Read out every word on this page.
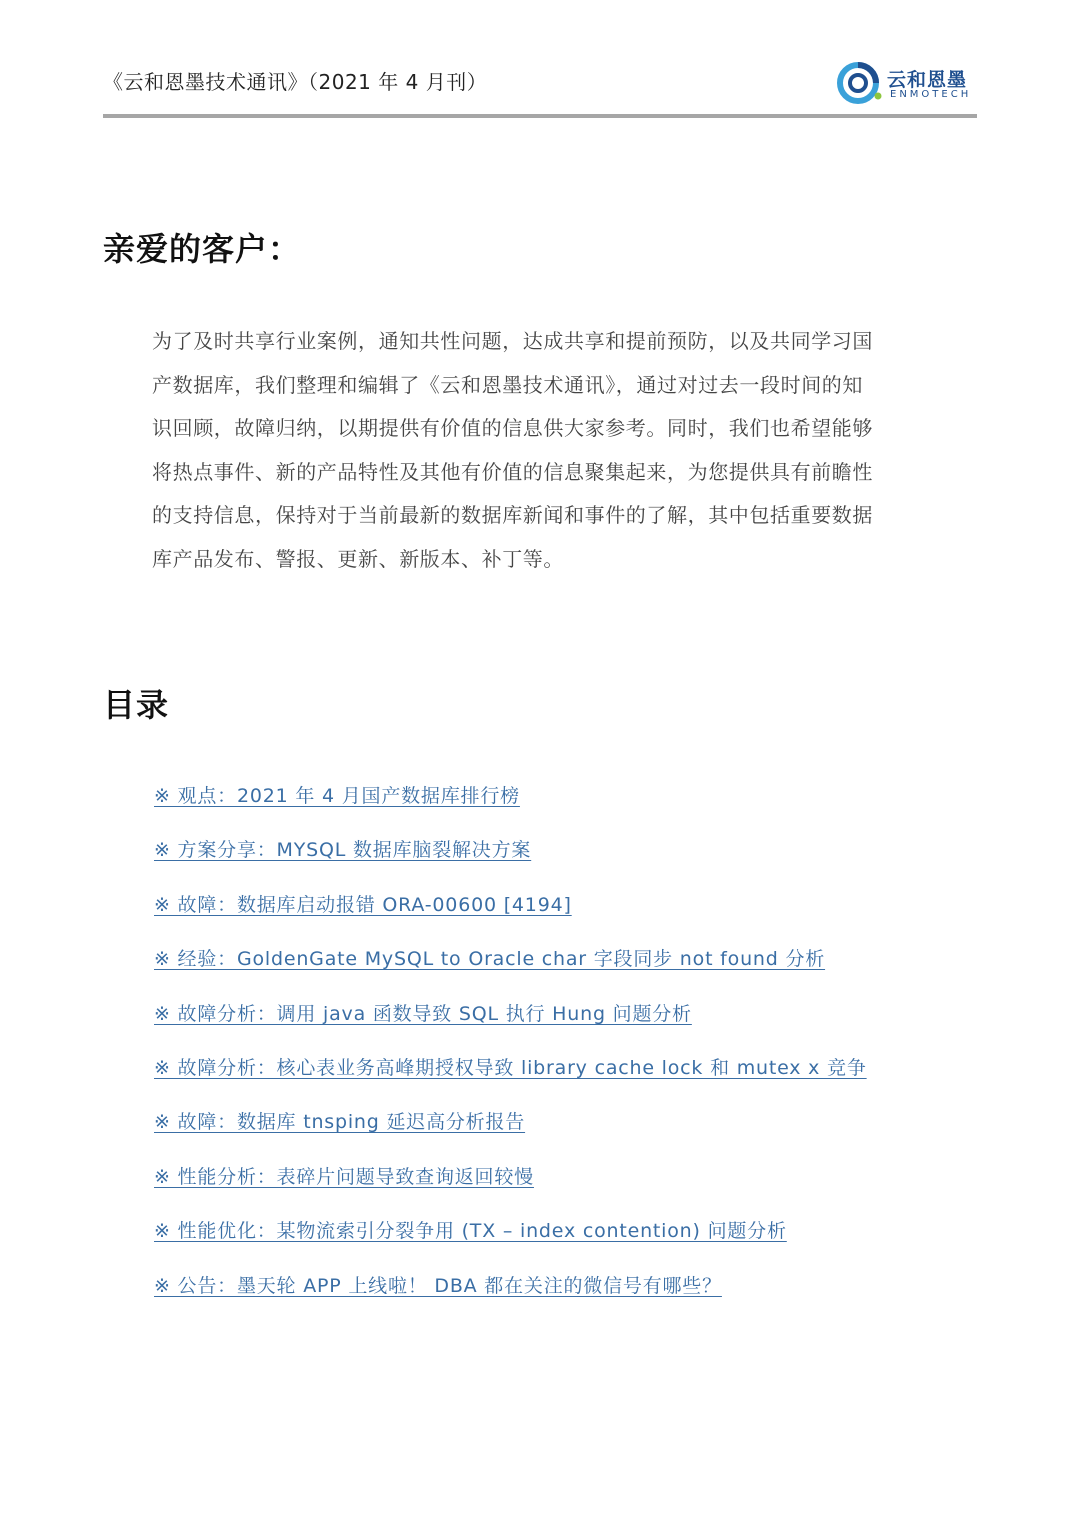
《云和恩墨技术通讯》（2021 年 4 月刊）	云和恩墨
ENMOTECH
亲爱的客户：
为了及时共享行业案例，通知共性问题，达成共享和提前预防，以及共同学习国
产数据库，我们整理和编辑了《云和恩墨技术通讯》，通过对过去一段时间的知
识回顾，故障归纳，以期提供有价值的信息供大家参考。同时，我们也希望能够
将热点事件、新的产品特性及其他有价值的信息聚集起来，为您提供具有前瞻性
的支持信息，保持对于当前最新的数据库新闻和事件的了解，其中包括重要数据
库产品发布、警报、更新、新版本、补丁等。
目录
※ 观点：2021 年 4 月国产数据库排行榜
※ 方案分享：MYSQL 数据库脑裂解决方案
※ 故障：数据库启动报错 ORA-00600 [4194]
※ 经验：GoldenGate MySQL to Oracle char 字段同步 not found 分析
※ 故障分析：调用 java 函数导致 SQL 执行 Hung 问题分析
※ 故障分析：核心表业务高峰期授权导致 library cache lock 和 mutex x 竞争
※ 故障：数据库 tnsping 延迟高分析报告
※ 性能分析：表碎片问题导致查询返回较慢
※ 性能优化：某物流索引分裂争用 (TX – index contention) 问题分析
※ 公告：墨天轮 APP 上线啦！ DBA 都在关注的微信号有哪些？
